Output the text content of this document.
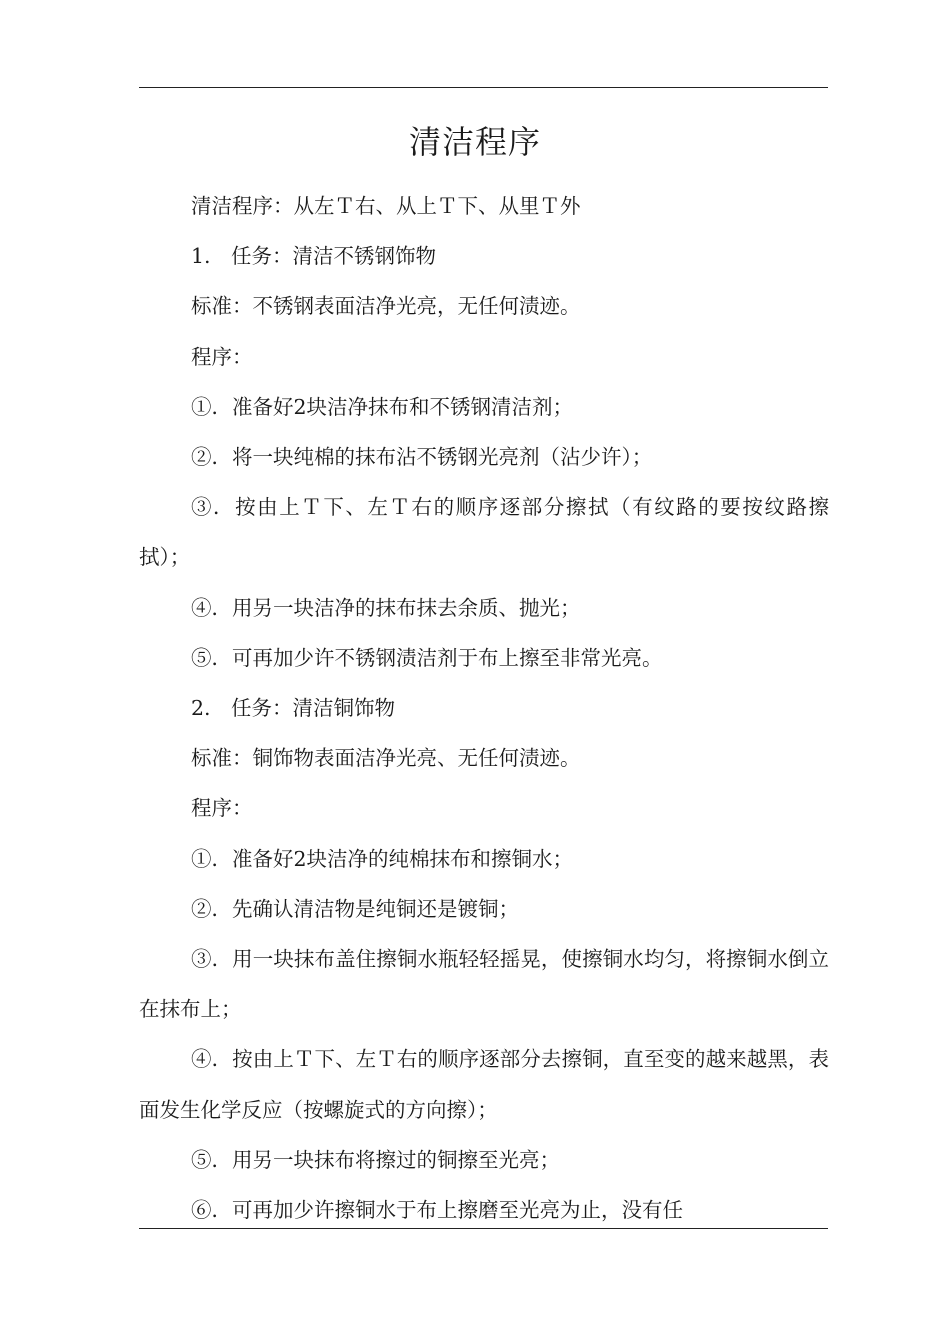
清洁程序

清洁程序：从左Ｔ右、从上Ｔ下、从里Ｔ外

1.　任务：清洁不锈钢饰物

标准：不锈钢表面洁净光亮，无任何渍迹。

程序：

①．准备好2块洁净抹布和不锈钢清洁剂；

②．将一块纯棉的抹布沾不锈钢光亮剂（沾少许）；

③．按由上Ｔ下、左Ｔ右的顺序逐部分擦拭（有纹路的要按纹路擦拭）；

④．用另一块洁净的抹布抹去余质、抛光；

⑤．可再加少许不锈钢渍洁剂于布上擦至非常光亮。

2.　任务：清洁铜饰物

标准：铜饰物表面洁净光亮、无任何渍迹。

程序：

①．准备好2块洁净的纯棉抹布和擦铜水；

②．先确认清洁物是纯铜还是镀铜；

③．用一块抹布盖住擦铜水瓶轻轻摇晃，使擦铜水均匀，将擦铜水倒立在抹布上；

④．按由上Ｔ下、左Ｔ右的顺序逐部分去擦铜，直至变的越来越黑，表面发生化学反应（按螺旋式的方向擦）；

⑤．用另一块抹布将擦过的铜擦至光亮；

⑥．可再加少许擦铜水于布上擦磨至光亮为止，没有任
